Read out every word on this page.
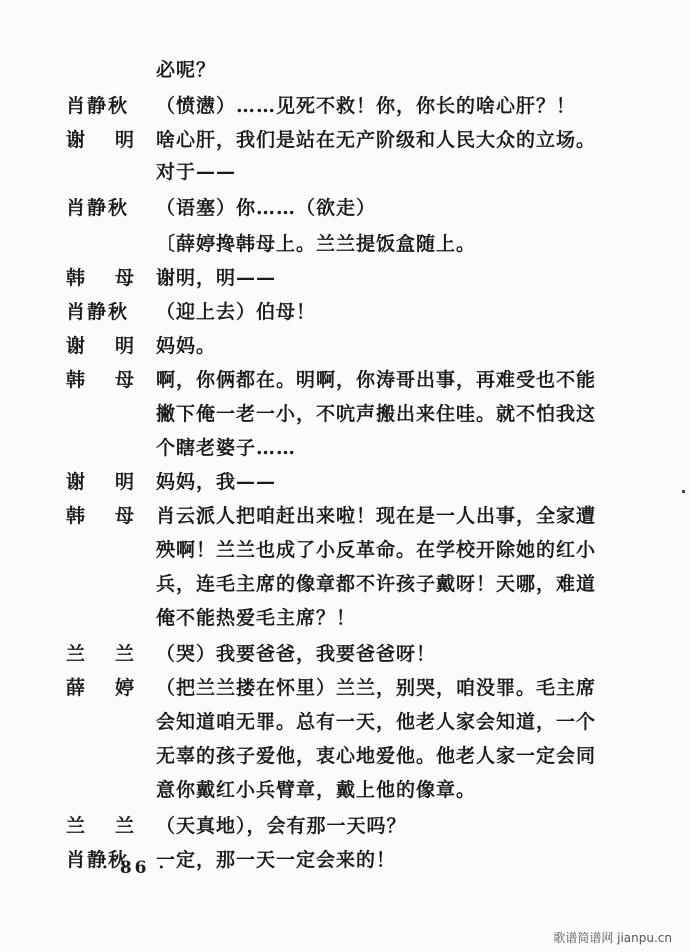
必呢？
肖静秋 （愤懑）……见死不救！你，你长的啥心肝？！
谢明
啥心肝，我们是站在无产阶级和人民大众的立场。
对于——
肖静秋 （语塞）你……（欲走）
〔薛婷搀韩母上。兰兰提饭盒随上。
韩母
谢明，明——
肖静秋 （迎上去）伯母！
谢明
妈妈。
韩母
啊，你俩都在。明啊，你涛哥出事，再难受也不能
撇下俺一老一小，不吭声搬出来住哇。就不怕我这
个瞎老婆子……
谢明
妈妈，我——
韩母
肖云派人把咱赶出来啦！现在是一人出事，全家遭
殃啊！兰兰也成了小反革命。在学校开除她的红小
兵，连毛主席的像章都不许孩子戴呀！天哪，难道
俺不能热爱毛主席？！
兰兰
（哭）我要爸爸，我要爸爸呀！
薛婷
（把兰兰搂在怀里）兰兰，别哭，咱没罪。毛主席
会知道咱无罪。总有一天，他老人家会知道，一个
无辜的孩子爱他，衷心地爱他。他老人家一定会同
意你戴红小兵臂章，戴上他的像章。
兰兰
（天真地），会有那一天吗？
肖静秋 一定，那一天一定会来的！
· 86 ·
歌谱简谱网 jianpu.cn
